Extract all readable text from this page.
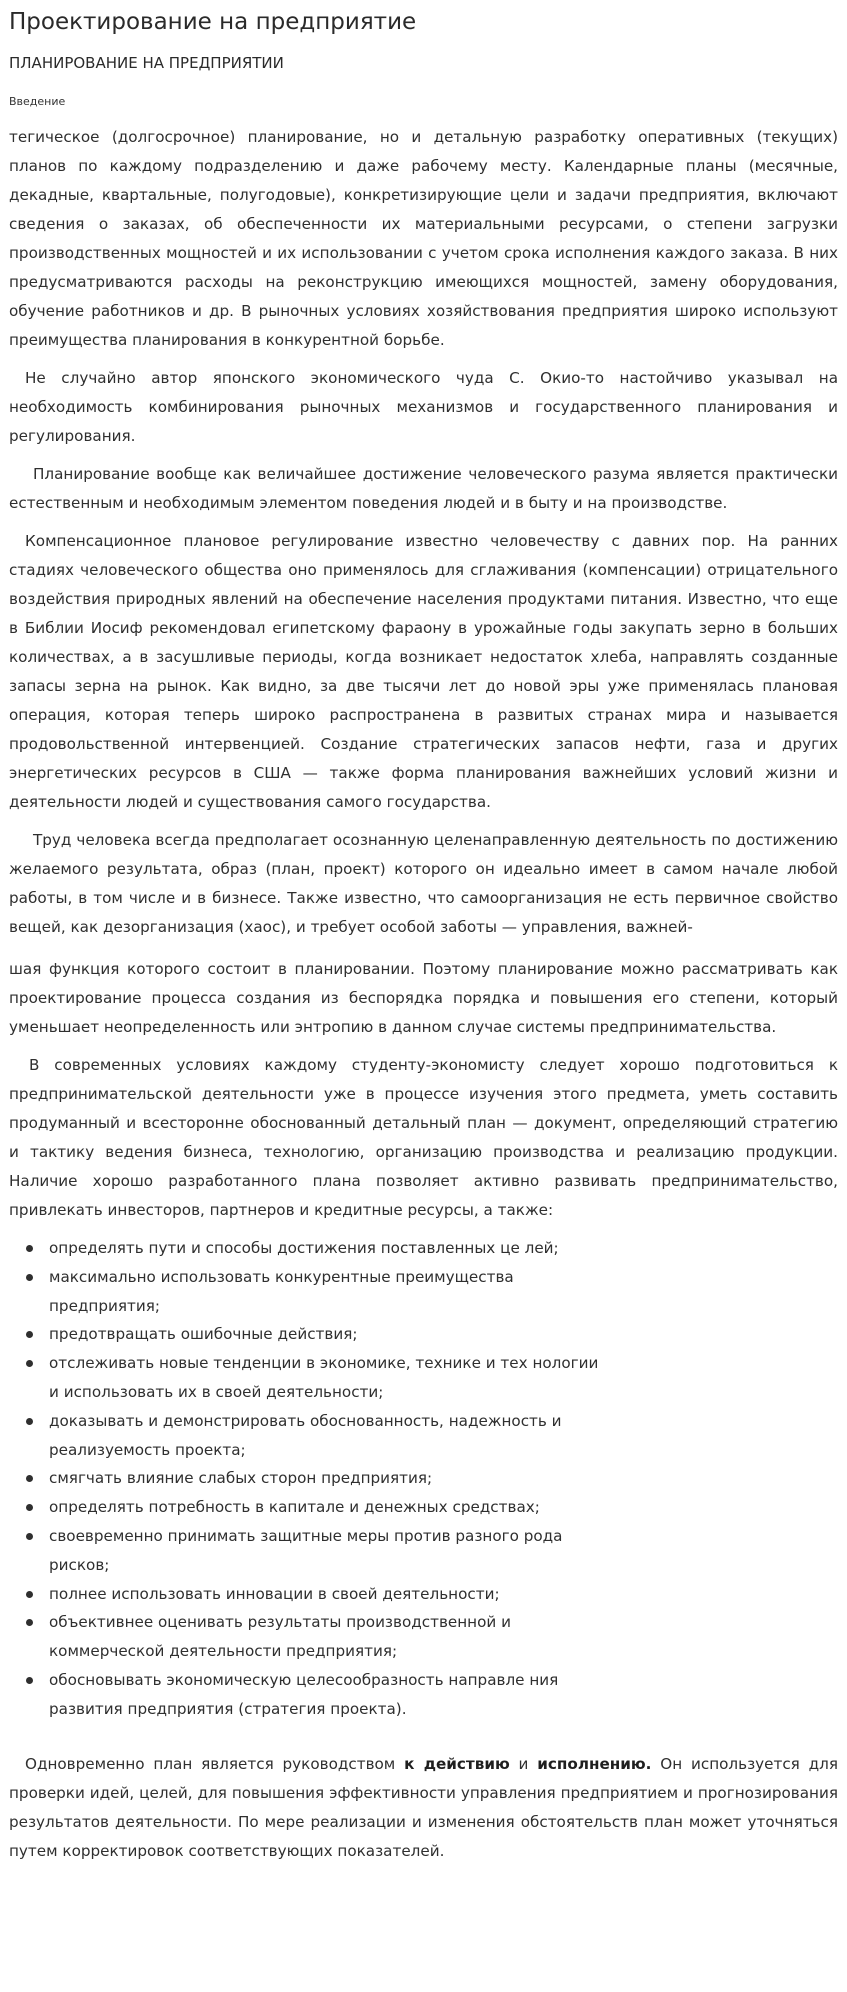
Проектирование на предприятие
ПЛАНИРОВАНИЕ НА ПРЕДПРИЯТИИ
Введение

тегическое (долгосрочное) планирование, но и детальную разработку оперативных (текущих) планов по каждому подразделению и даже рабочему месту. Календарные планы (месячные, декадные, квартальные, полугодовые), конкретизирующие цели и задачи предприятия, включают сведения о заказах, об обеспеченности их материальными ресурсами, о степени загрузки производственных мощностей и их использовании с учетом срока исполнения каждого заказа. В них предусматриваются расходы на реконструкцию имеющихся мощностей, замену оборудования, обучение работников и др. В рыночных условиях хозяйствования предприятия широко используют преимущества планирования в конкурентной борьбе.

Не случайно автор японского экономического чуда С. Окио-то настойчиво указывал на необходимость комбинирования рыночных механизмов и государственного планирования и регулирования.

Планирование вообще как величайшее достижение человеческого разума является практически естественным и необходимым элементом поведения людей и в быту и на производстве.

Компенсационное плановое регулирование известно человечеству с давних пор. На ранних стадиях человеческого общества оно применялось для сглаживания (компенсации) отрицательного воздействия природных явлений на обеспечение населения продуктами питания. Известно, что еще в Библии Иосиф рекомендовал египетскому фараону в урожайные годы закупать зерно в больших количествах, а в засушливые периоды, когда возникает недостаток хлеба, направлять созданные запасы зерна на рынок. Как видно, за две тысячи лет до новой эры уже применялась плановая операция, которая теперь широко распространена в развитых странах мира и называется продовольственной интервенцией. Создание стратегических запасов нефти, газа и других энергетических ресурсов в США — также форма планирования важнейших условий жизни и деятельности людей и существования самого государства.

Труд человека всегда предполагает осознанную целенаправленную деятельность по достижению желаемого результата, образ (план, проект) которого он идеально имеет в самом начале любой работы, в том числе и в бизнесе. Также известно, что самоорганизация не есть первичное свойство вещей, как дезорганизация (хаос), и требует особой заботы — управления, важней-

шая функция которого состоит в планировании. Поэтому планирование можно рассматривать как проектирование процесса создания из беспорядка порядка и повышения его степени, который уменьшает неопределенность или энтропию в данном случае системы предпринимательства.

В современных условиях каждому студенту-экономисту следует хорошо подготовиться к предпринимательской деятельности уже в процессе изучения этого предмета, уметь составить продуманный и всесторонне обоснованный детальный план — документ, определяющий стратегию и тактику ведения бизнеса, технологию, организацию производства и реализацию продукции. Наличие хорошо разработанного плана позволяет активно развивать предпринимательство, привлекать инвесторов, партнеров и кредитные ресурсы, а также:

определять пути и способы достижения поставленных це лей;
максимально использовать конкурентные преимущества предприятия;
предотвращать ошибочные действия;
отслеживать новые тенденции в экономике, технике и тех нологии и использовать их в своей деятельности;
доказывать и демонстрировать обоснованность, надежность и реализуемость проекта;
смягчать влияние слабых сторон предприятия;
определять потребность в капитале и денежных средствах;
своевременно принимать защитные меры против разного рода рисков;
полнее использовать инновации в своей деятельности;
объективнее оценивать результаты производственной и коммерческой деятельности предприятия;
обосновывать экономическую целесообразность направле ния развития предприятия (стратегия проекта).

Одновременно план является руководством к действию и исполнению. Он используется для проверки идей, целей, для повышения эффективности управления предприятием и прогнозирования результатов деятельности. По мере реализации и изменения обстоятельств план может уточняться путем корректировок соответствующих показателей.
